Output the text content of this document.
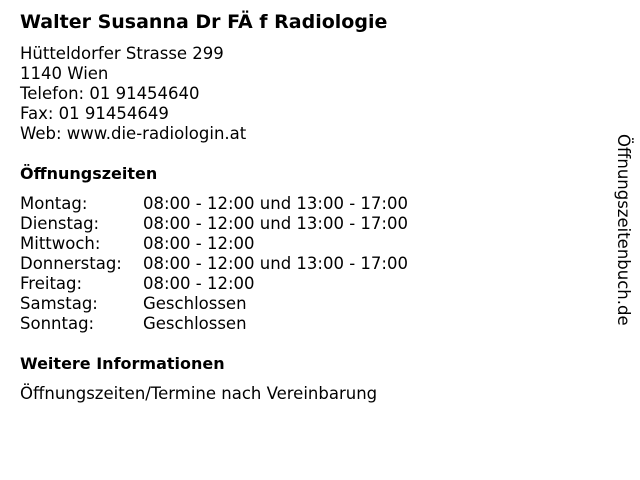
Walter Susanna Dr FÄ f Radiologie
Hütteldorfer Strasse 299
1140 Wien
Telefon: 01 91454640
Fax: 01 91454649
Web: www.die-radiologin.at
Öffnungszeiten
Montag:	08:00 - 12:00 und 13:00 - 17:00
Dienstag:	08:00 - 12:00 und 13:00 - 17:00
Mittwoch:	08:00 - 12:00
Donnerstag: 08:00 - 12:00 und 13:00 - 17:00
Freitag:	08:00 - 12:00
Samstag:	Geschlossen
Sonntag:	Geschlossen
Weitere Informationen
Öffnungszeiten/Termine nach Vereinbarung
Öffnungszeitenbuch.de
